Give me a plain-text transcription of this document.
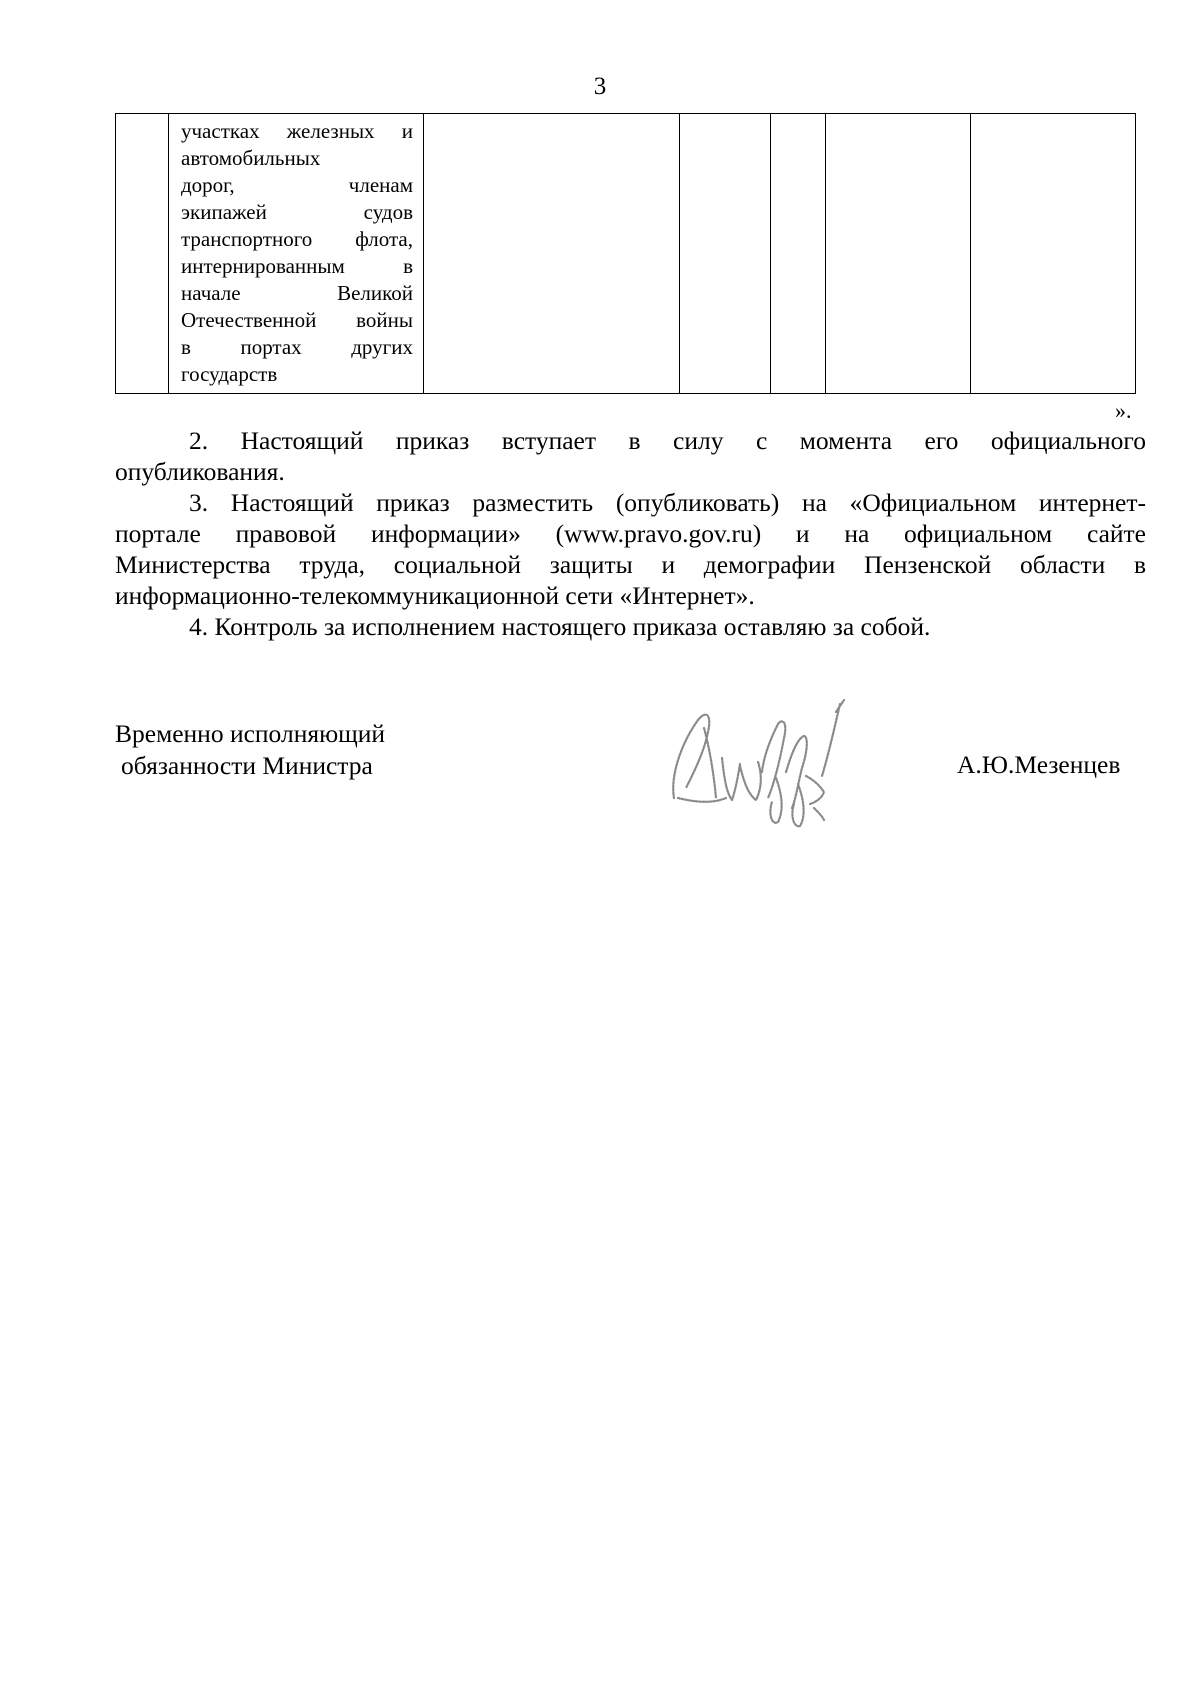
3

участках железных и
автомобильных
дорог, членам
экипажей судов
транспортного флота,
интернированным в
начале Великой
Отечественной войны
в портах других
государств

».

2. Настоящий приказ вступает в силу с момента его официального
опубликования.

3. Настоящий приказ разместить (опубликовать) на «Официальном интернет-
портале правовой информации» (www.pravo.gov.ru) и на официальном сайте
Министерства труда, социальной защиты и демографии Пензенской области в
информационно-телекоммуникационной сети «Интернет».

4. Контроль за исполнением настоящего приказа оставляю за собой.

Временно исполняющий
обязанности Министра	А.Ю.Мезенцев
